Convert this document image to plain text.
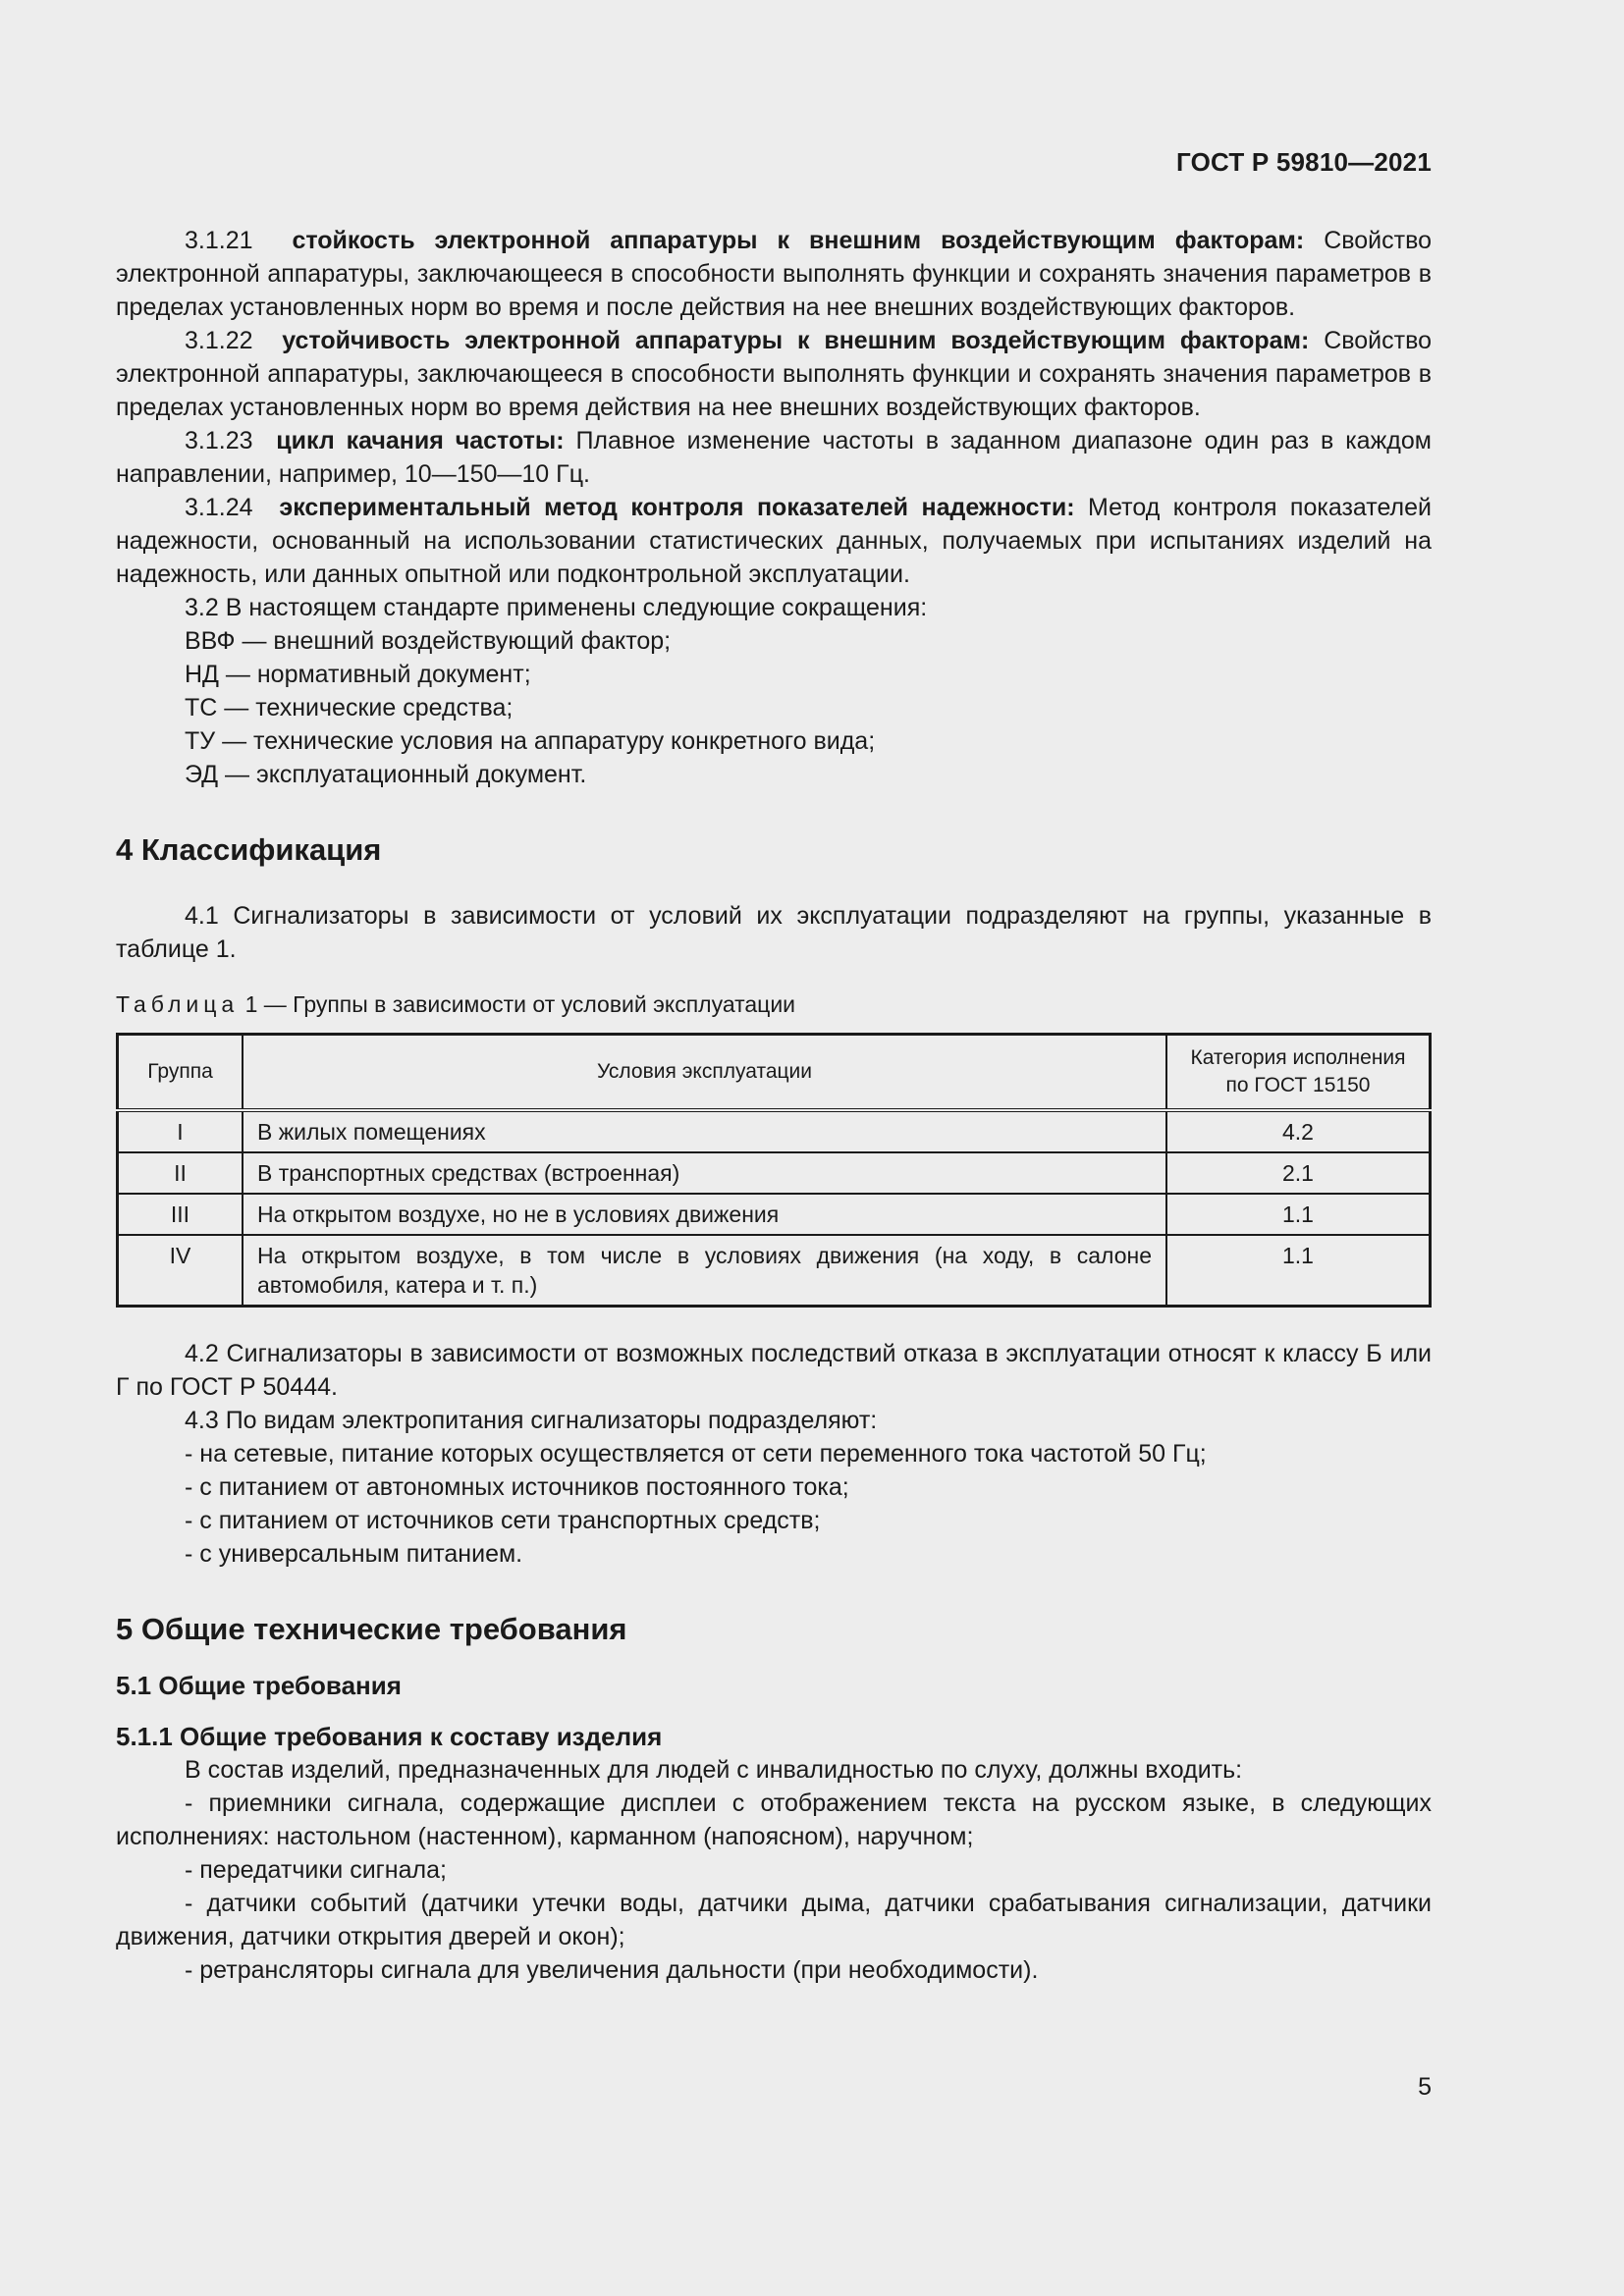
ГОСТ Р 59810—2021

3.1.21 стойкость электронной аппаратуры к внешним воздействующим факторам: Свойство электронной аппаратуры, заключающееся в способности выполнять функции и сохранять значения параметров в пределах установленных норм во время и после действия на нее внешних воздействующих факторов.

3.1.22 устойчивость электронной аппаратуры к внешним воздействующим факторам: Свойство электронной аппаратуры, заключающееся в способности выполнять функции и сохранять значения параметров в пределах установленных норм во время действия на нее внешних воздействующих факторов.

3.1.23 цикл качания частоты: Плавное изменение частоты в заданном диапазоне один раз в каждом направлении, например, 10—150—10 Гц.

3.1.24 экспериментальный метод контроля показателей надежности: Метод контроля показателей надежности, основанный на использовании статистических данных, получаемых при испытаниях изделий на надежность, или данных опытной или подконтрольной эксплуатации.

3.2 В настоящем стандарте применены следующие сокращения:

ВВФ — внешний воздействующий фактор;

НД — нормативный документ;

ТС — технические средства;

ТУ — технические условия на аппаратуру конкретного вида;

ЭД — эксплуатационный документ.

4 Классификация

4.1 Сигнализаторы в зависимости от условий их эксплуатации подразделяют на группы, указанные в таблице 1.

Таблица 1 — Группы в зависимости от условий эксплуатации

Группа	Условия эксплуатации	Категория исполнения по ГОСТ 15150
I	В жилых помещениях	4.2
II	В транспортных средствах (встроенная)	2.1
III	На открытом воздухе, но не в условиях движения	1.1
IV	На открытом воздухе, в том числе в условиях движения (на ходу, в салоне автомобиля, катера и т. п.)	1.1

4.2 Сигнализаторы в зависимости от возможных последствий отказа в эксплуатации относят к классу Б или Г по ГОСТ Р 50444.

4.3 По видам электропитания сигнализаторы подразделяют:

- на сетевые, питание которых осуществляется от сети переменного тока частотой 50 Гц;

- с питанием от автономных источников постоянного тока;

- с питанием от источников сети транспортных средств;

- с универсальным питанием.

5 Общие технические требования

5.1 Общие требования

5.1.1 Общие требования к составу изделия

В состав изделий, предназначенных для людей с инвалидностью по слуху, должны входить:

- приемники сигнала, содержащие дисплеи с отображением текста на русском языке, в следующих исполнениях: настольном (настенном), карманном (напоясном), наручном;

- передатчики сигнала;

- датчики событий (датчики утечки воды, датчики дыма, датчики срабатывания сигнализации, датчики движения, датчики открытия дверей и окон);

- ретрансляторы сигнала для увеличения дальности (при необходимости).

5
